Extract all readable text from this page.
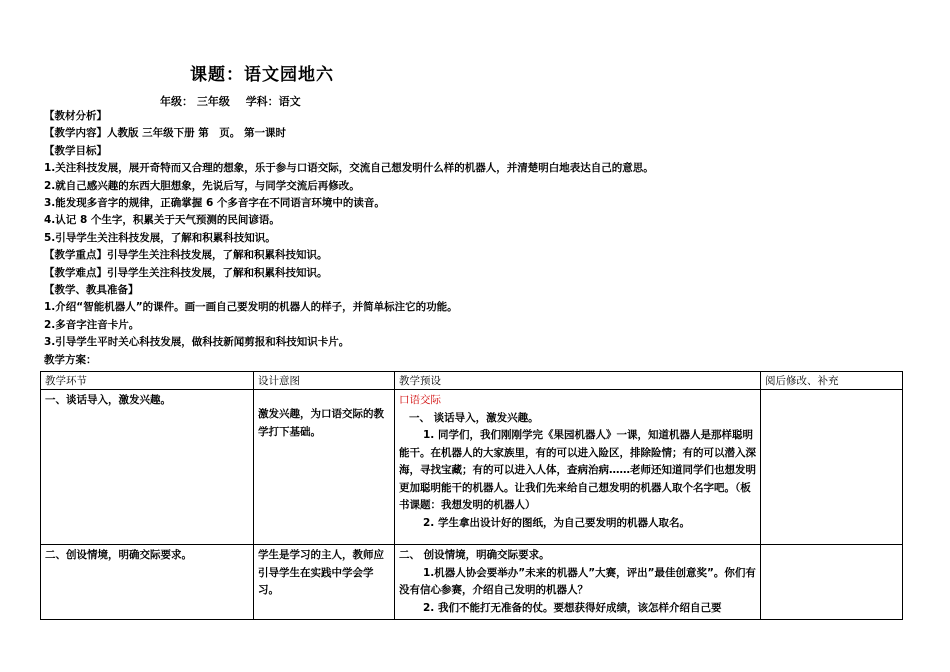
课题：语文园地六
年级： 三年级 学科：语文
【教材分析】
【教学内容】人教版 三年级下册 第　页。 第一课时
【教学目标】
1.关注科技发展，展开奇特而又合理的想象，乐于参与口语交际，交流自己想发明什么样的机器人，并清楚明白地表达自己的意思。
2.就自己感兴趣的东西大胆想象，先说后写，与同学交流后再修改。
3.能发现多音字的规律，正确掌握 6 个多音字在不同语言环境中的读音。
4.认记 8 个生字，积累关于天气预测的民间谚语。
5.引导学生关注科技发展，了解和积累科技知识。
【教学重点】引导学生关注科技发展，了解和积累科技知识。
【教学难点】引导学生关注科技发展，了解和积累科技知识。
【教学、教具准备】
1.介绍“智能机器人”的课件。画一画自己要发明的机器人的样子，并简单标注它的功能。
2.多音字注音卡片。
3.引导学生平时关心科技发展，做科技新闻剪报和科技知识卡片。
教学方案：
教学环节	设计意图	教学预设	阅后修改、补充
一、谈话导入，激发兴趣。	激发兴趣，为口语交际的教学打下基础。	口语交际
一、 谈话导入，激发兴趣。
1. 同学们，我们刚刚学完《果园机器人》一课，知道机器人是那样聪明能干。在机器人的大家族里，有的可以进入险区，排除险情；有的可以潜入深海，寻找宝藏；有的可以进入人体，查病治病……老师还知道同学们也想发明更加聪明能干的机器人。让我们先来给自己想发明的机器人取个名字吧。（板书课题：我想发明的机器人）
2. 学生拿出设计好的图纸，为自己要发明的机器人取名。	

二、创设情境，明确交际要求。	学生是学习的主人，教师应引导学生在实践中学会学习。	二、 创设情境，明确交际要求。
1.机器人协会要举办”未来的机器人”大赛，评出”最佳创意奖”。你们有没有信心参赛，介绍自己发明的机器人？
2. 我们不能打无准备的仗。要想获得好成绩，该怎样介绍自己要	
